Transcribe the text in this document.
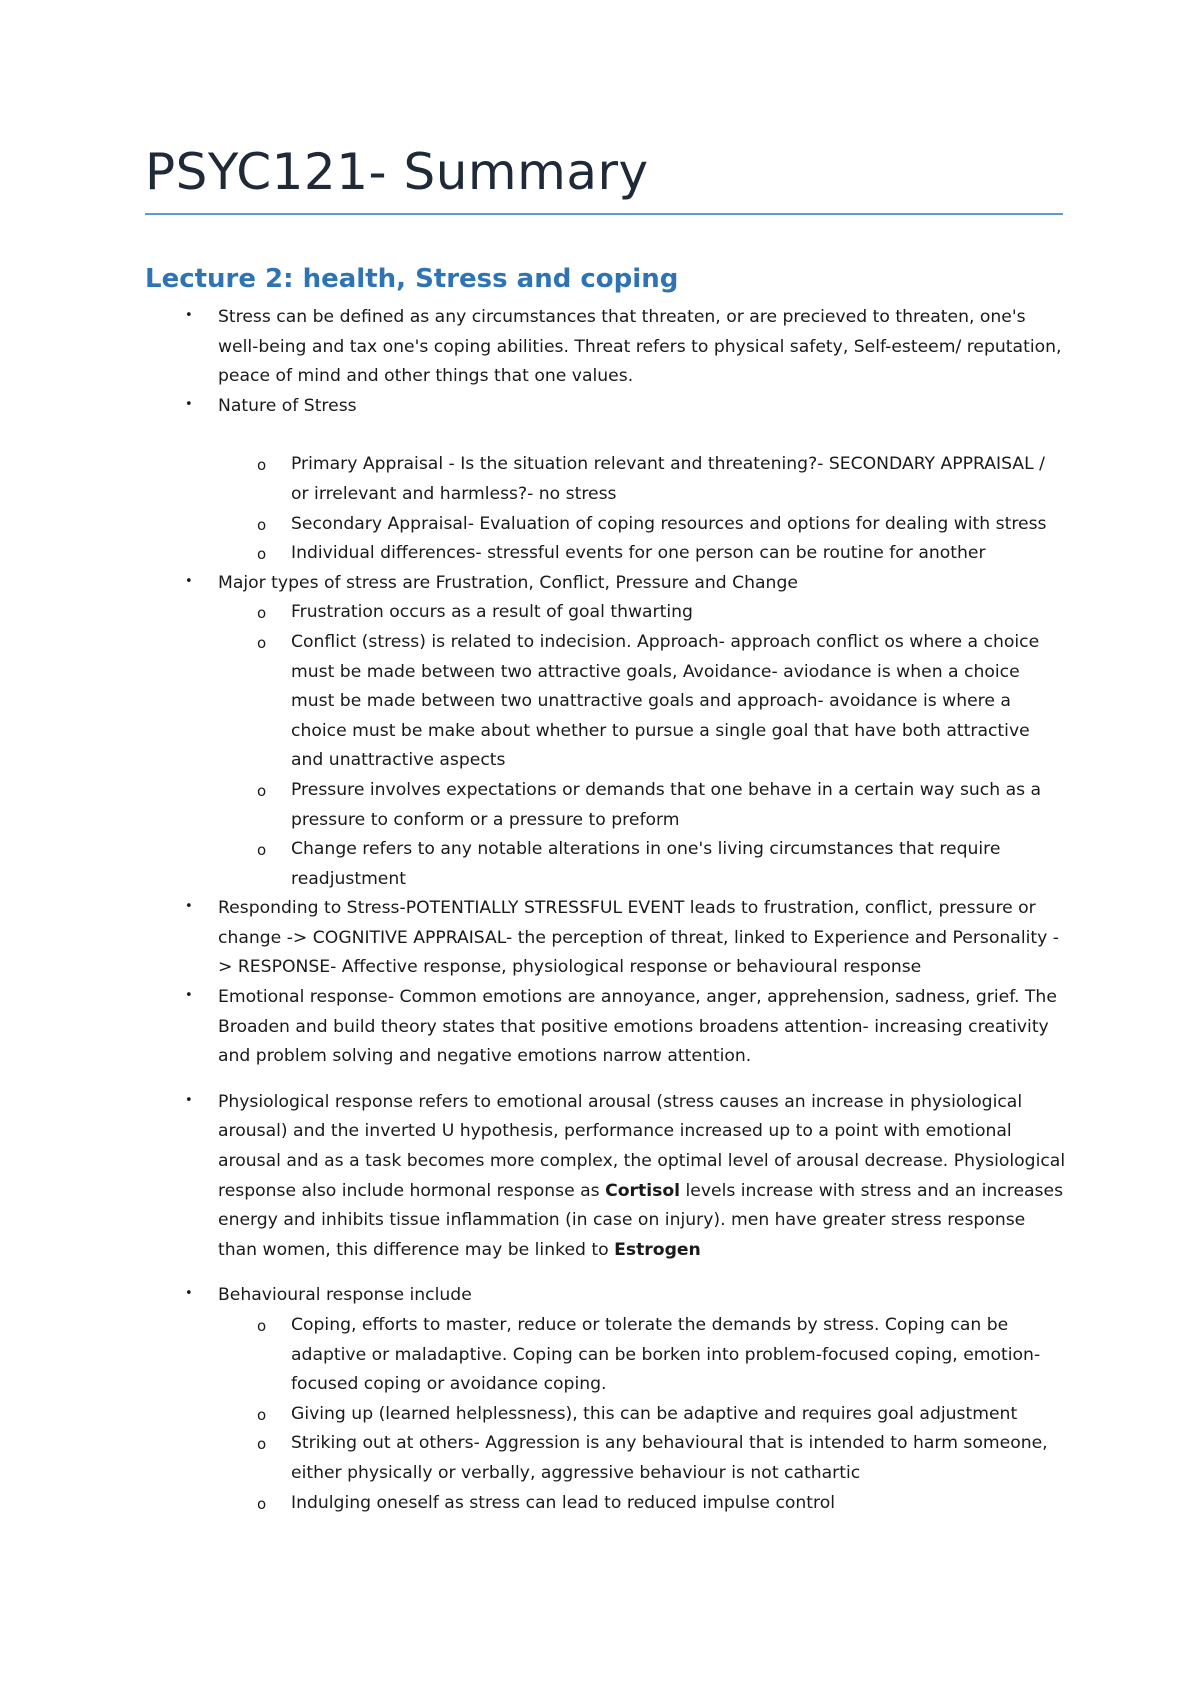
PSYC121- Summary
Lecture 2: health, Stress and coping
• Stress can be defined as any circumstances that threaten, or are precieved to threaten, one's well-being and tax one's coping abilities. Threat refers to physical safety, Self-esteem/ reputation, peace of mind and other things that one values.
• Nature of Stress
o Primary Appraisal - Is the situation relevant and threatening?- SECONDARY APPRAISAL / or irrelevant and harmless?- no stress
o Secondary Appraisal- Evaluation of coping resources and options for dealing with stress
o Individual differences- stressful events for one person can be routine for another
• Major types of stress are Frustration, Conflict, Pressure and Change
o Frustration occurs as a result of goal thwarting
o Conflict (stress) is related to indecision. Approach- approach conflict os where a choice must be made between two attractive goals, Avoidance- aviodance is when a choice must be made between two unattractive goals and approach- avoidance is where a choice must be make about whether to pursue a single goal that have both attractive and unattractive aspects
o Pressure involves expectations or demands that one behave in a certain way such as a pressure to conform or a pressure to preform
o Change refers to any notable alterations in one's living circumstances that require readjustment
• Responding to Stress-POTENTIALLY STRESSFUL EVENT leads to frustration, conflict, pressure or change -> COGNITIVE APPRAISAL- the perception of threat, linked to Experience and Personality -> RESPONSE- Affective response, physiological response or behavioural response
• Emotional response- Common emotions are annoyance, anger, apprehension, sadness, grief. The Broaden and build theory states that positive emotions broadens attention- increasing creativity and problem solving and negative emotions narrow attention.
• Physiological response refers to emotional arousal (stress causes an increase in physiological arousal) and the inverted U hypothesis, performance increased up to a point with emotional arousal and as a task becomes more complex, the optimal level of arousal decrease. Physiological response also include hormonal response as Cortisol levels increase with stress and an increases energy and inhibits tissue inflammation (in case on injury). men have greater stress response than women, this difference may be linked to Estrogen
• Behavioural response include
o Coping, efforts to master, reduce or tolerate the demands by stress. Coping can be adaptive or maladaptive. Coping can be borken into problem-focused coping, emotion-focused coping or avoidance coping.
o Giving up (learned helplessness), this can be adaptive and requires goal adjustment
o Striking out at others- Aggression is any behavioural that is intended to harm someone, either physically or verbally, aggressive behaviour is not cathartic
o Indulging oneself as stress can lead to reduced impulse control
